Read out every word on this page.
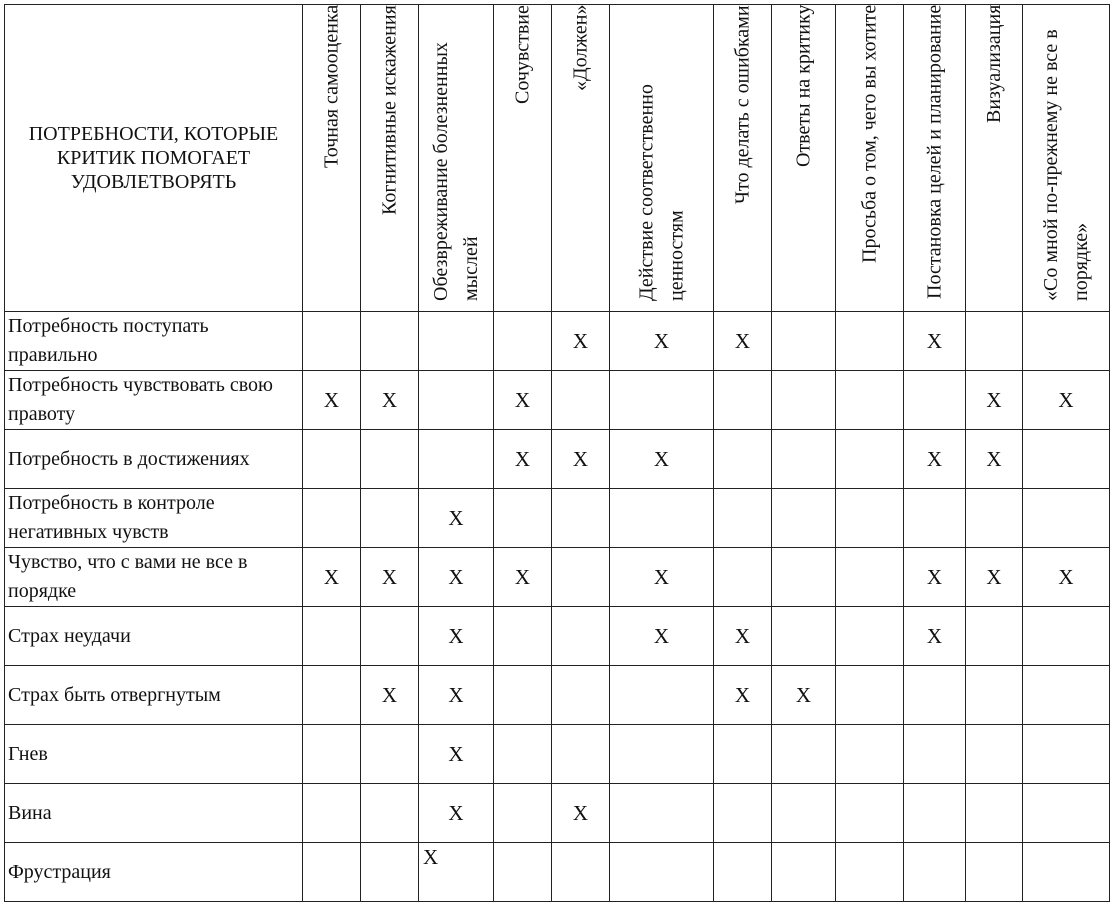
ПОТРЕБНОСТИ, КОТОРЫЕ КРИТИК ПОМОГАЕТ УДОВЛЕТВОРЯТЬ	Точная самооценка	Когнитивные искажения	Обезвреживание болезненных мыслей	Сочувствие	«Должен»	Действие соответственно ценностям	Что делать с ошибками	Ответы на критику	Просьба о том, чего вы хотите	Постановка целей и планирование	Визуализация	«Со мной по-прежнему не все в порядке»

Потребность поступать правильно					X	X	X			X		
Потребность чувствовать свою правоту	X	X		X							X	X
Потребность в достижениях				X	X	X				X	X	
Потребность в контроле негативных чувств			X									
Чувство, что с вами не все в порядке	X	X	X	X		X				X	X	X
Страх неудачи			X			X	X			X		
Страх быть отвергнутым		X	X				X	X				
Гнев			X									
Вина			X		X							
Фрустрация			X									
